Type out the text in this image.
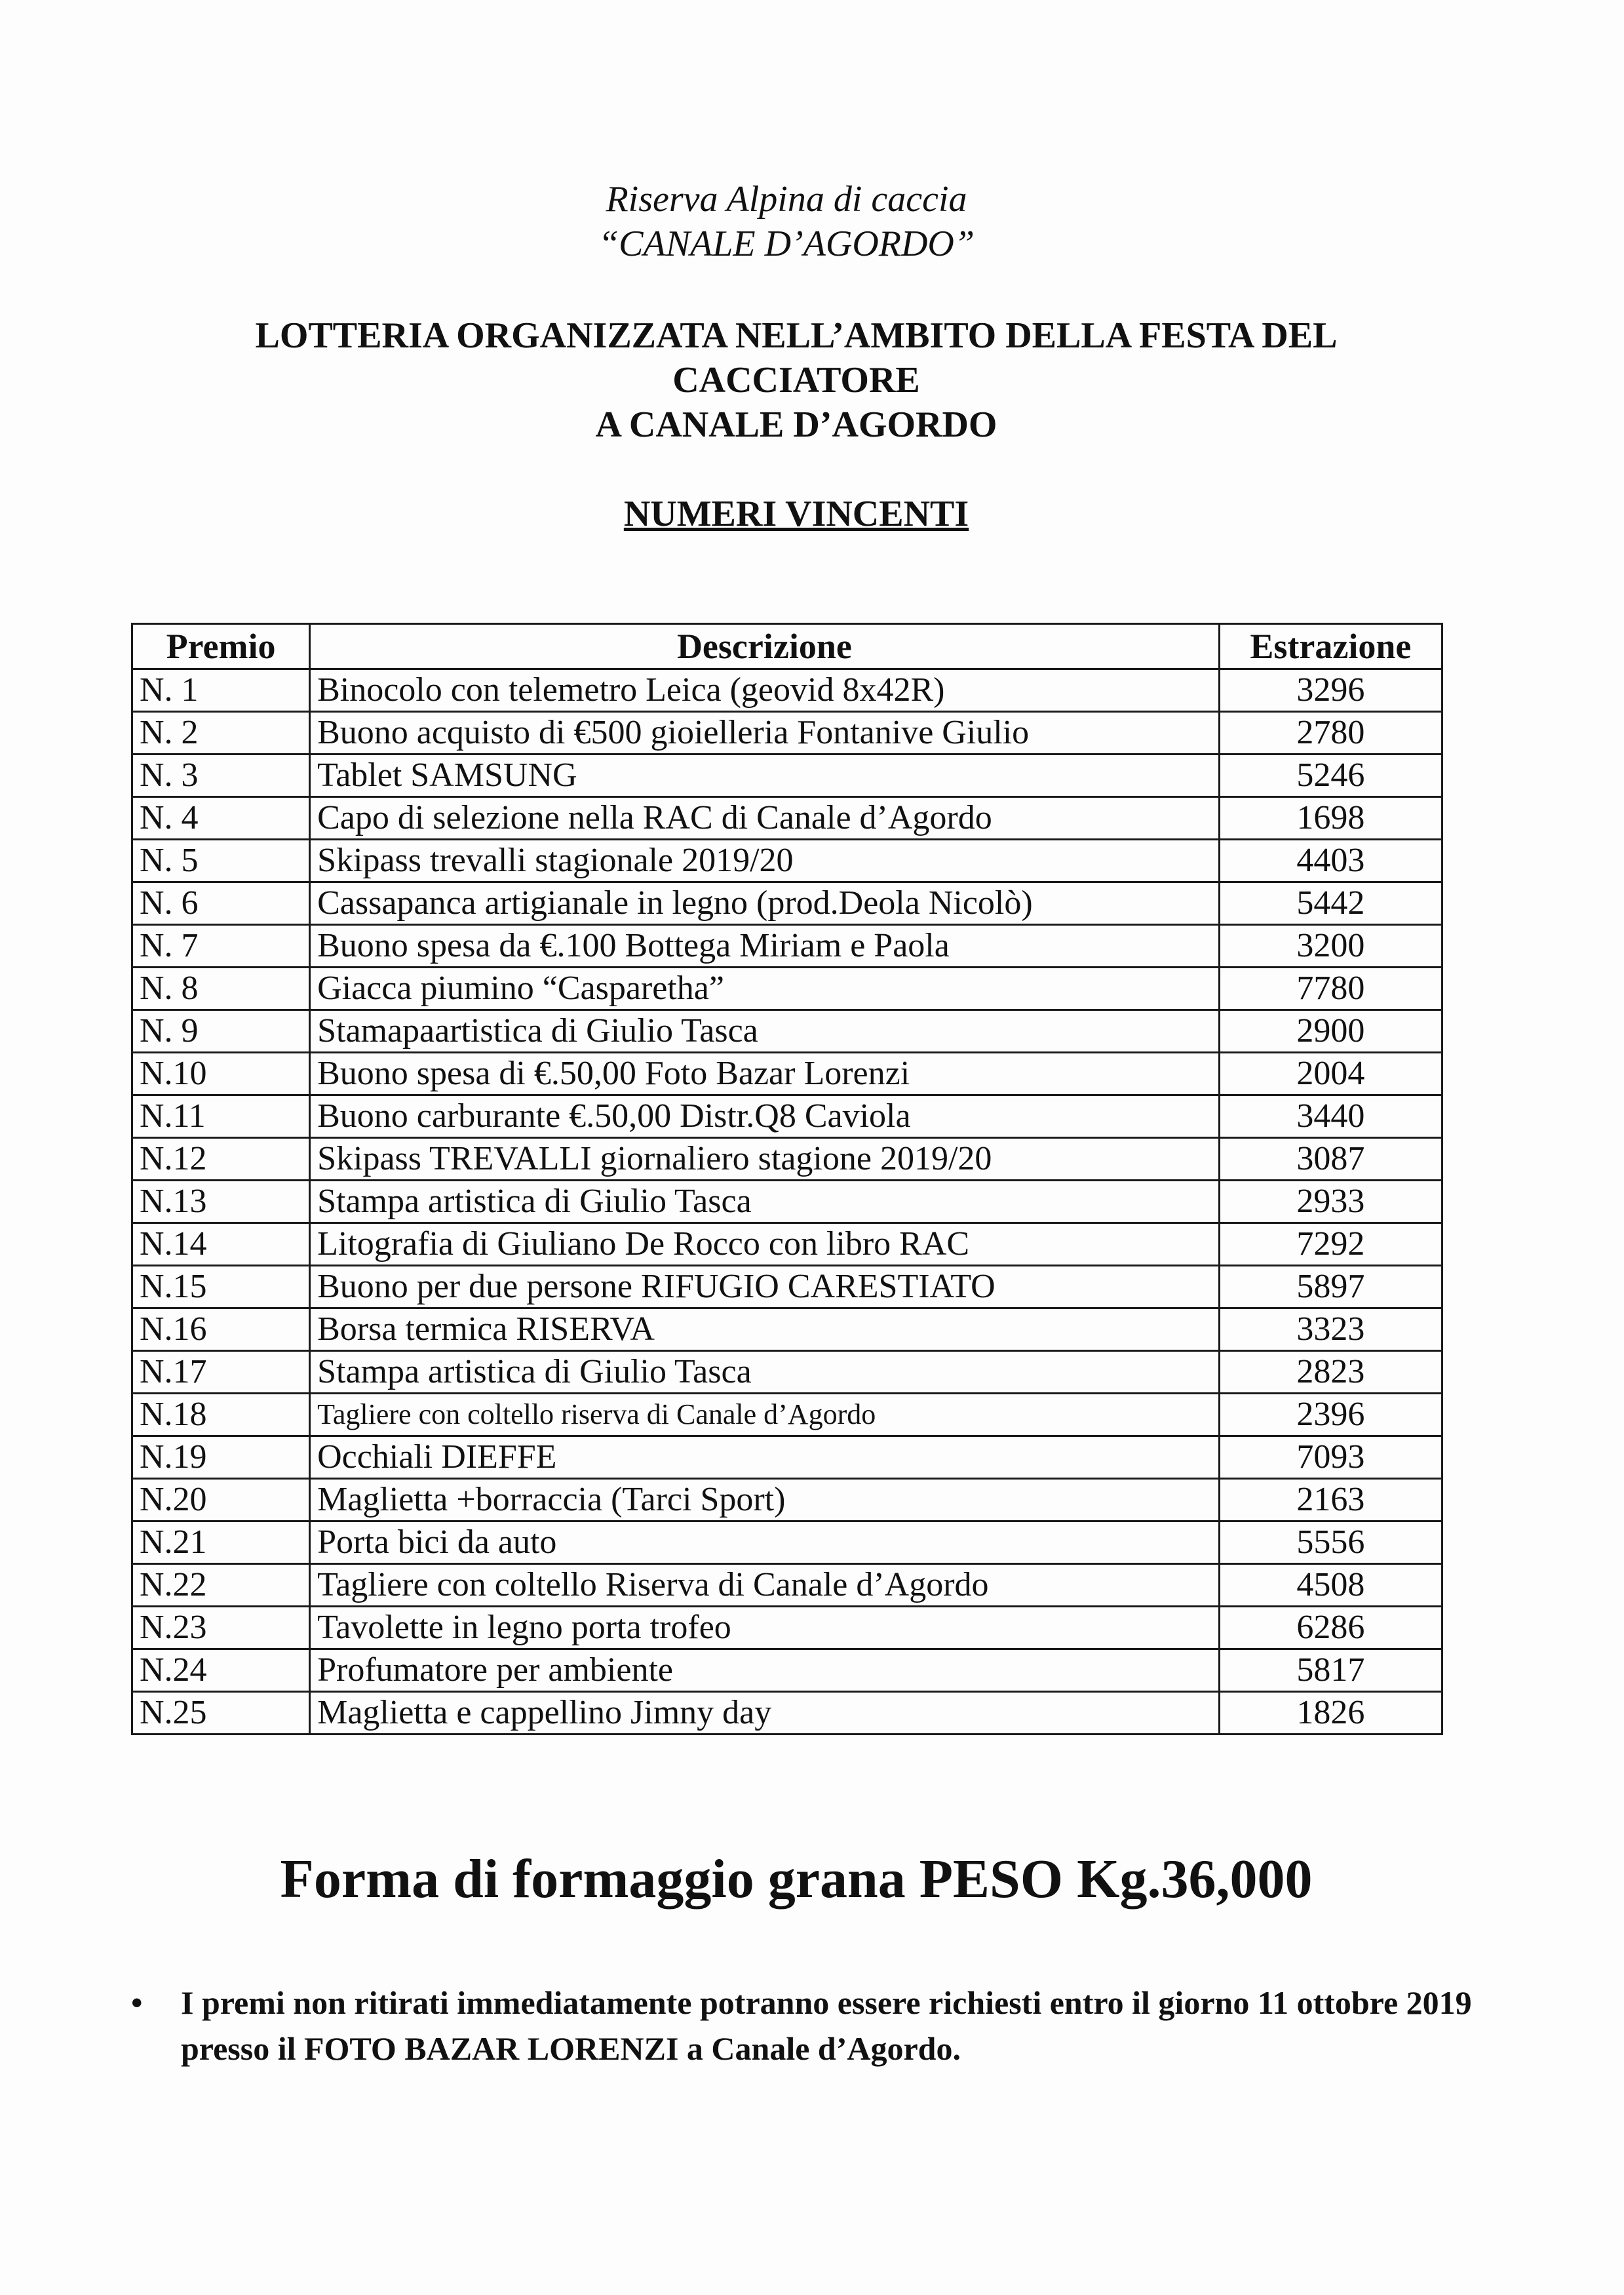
Riserva Alpina di caccia
“CANALE D’AGORDO”
LOTTERIA ORGANIZZATA NELL’AMBITO DELLA FESTA DEL
CACCIATORE
A CANALE D’AGORDO
NUMERI VINCENTI
Premio	Descrizione	Estrazione
N. 1	Binocolo con telemetro Leica (geovid 8x42R)	3296
N. 2	Buono acquisto di €500 gioielleria Fontanive Giulio	2780
N. 3	Tablet SAMSUNG	5246
N. 4	Capo di selezione nella RAC di Canale d’Agordo	1698
N. 5	Skipass trevalli stagionale 2019/20	4403
N. 6	Cassapanca artigianale in legno (prod.Deola Nicolò)	5442
N. 7	Buono spesa da €.100 Bottega Miriam e Paola	3200
N. 8	Giacca piumino “Casparetha”	7780
N. 9	Stamapaartistica di Giulio Tasca	2900
N.10	Buono spesa di €.50,00 Foto Bazar Lorenzi	2004
N.11	Buono carburante €.50,00 Distr.Q8 Caviola	3440
N.12	Skipass TREVALLI giornaliero stagione 2019/20	3087
N.13	Stampa artistica di Giulio Tasca	2933
N.14	Litografia di Giuliano De Rocco con libro RAC	7292
N.15	Buono per due persone RIFUGIO CARESTIATO	5897
N.16	Borsa termica RISERVA	3323
N.17	Stampa artistica di Giulio Tasca	2823
N.18	Tagliere con coltello riserva di Canale d’Agordo	2396
N.19	Occhiali DIEFFE	7093
N.20	Maglietta +borraccia (Tarci Sport)	2163
N.21	Porta bici da auto	5556
N.22	Tagliere con coltello Riserva di Canale d’Agordo	4508
N.23	Tavolette in legno porta trofeo	6286
N.24	Profumatore per ambiente	5817
N.25	Maglietta e cappellino Jimny day	1826
Forma di formaggio grana PESO Kg.36,000
• I premi non ritirati immediatamente potranno essere richiesti entro il giorno 11 ottobre 2019 presso il FOTO BAZAR LORENZI a Canale d’Agordo.
